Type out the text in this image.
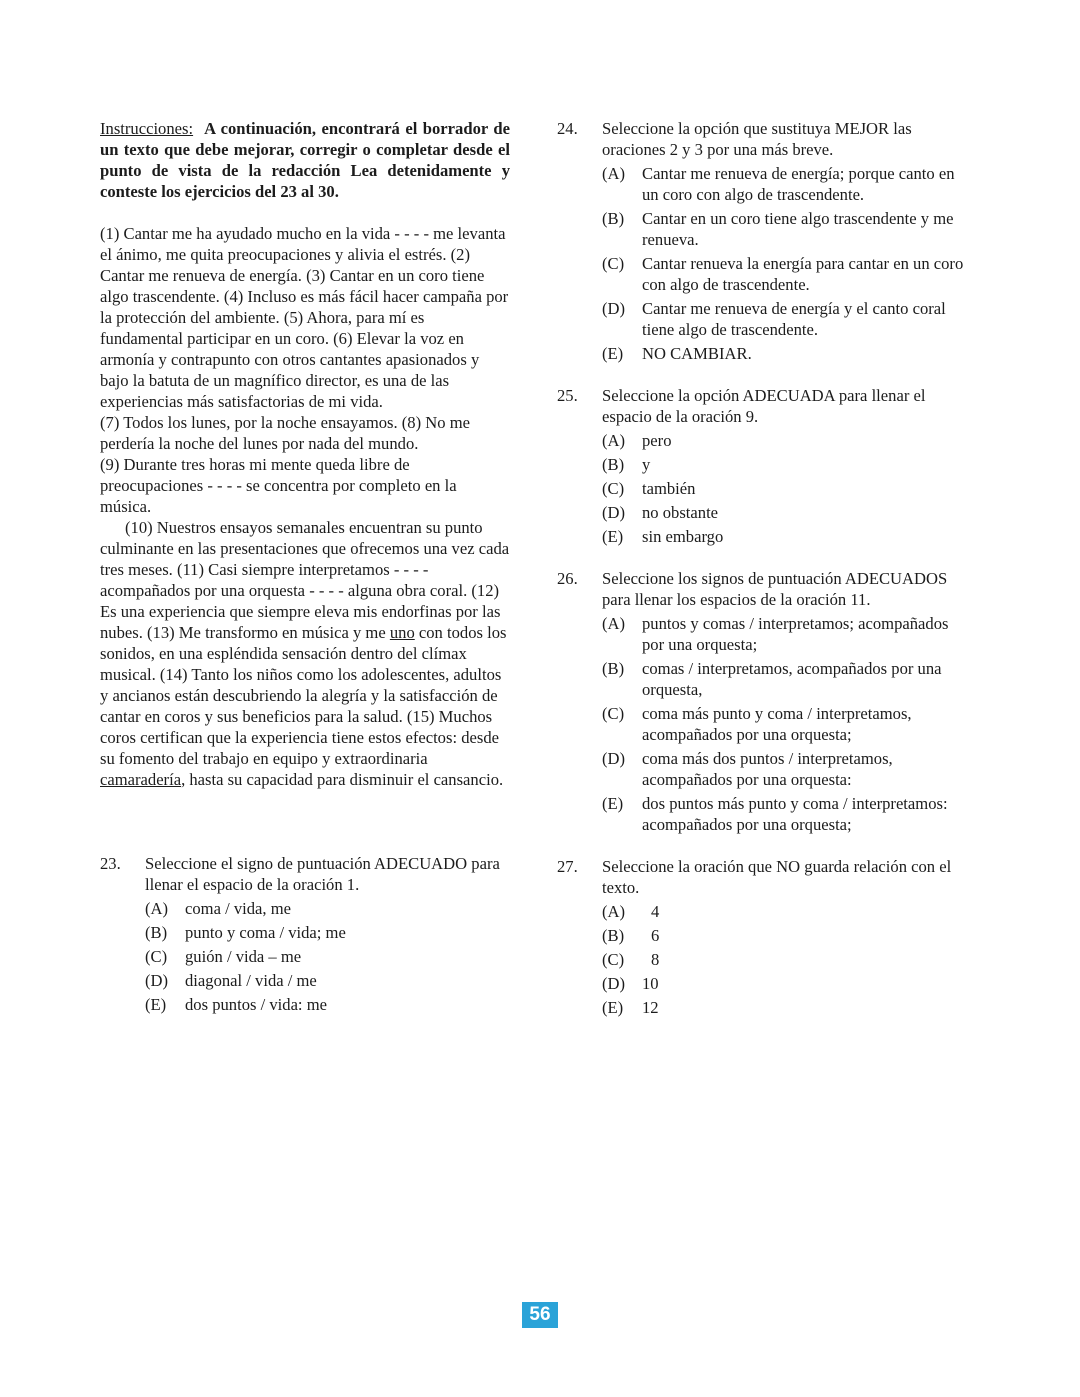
Instrucciones: A continuación, encontrará el borrador de un texto que debe mejorar, corregir o completar desde el punto de vista de la redacción Lea detenidamente y conteste los ejercicios del 23 al 30.

(1) Cantar me ha ayudado mucho en la vida - - - - me levanta el ánimo, me quita preocupaciones y alivia el estrés. (2) Cantar me renueva de energía. (3) Cantar en un coro tiene algo trascendente. (4) Incluso es más fácil hacer campaña por la protección del ambiente. (5) Ahora, para mí es fundamental participar en un coro. (6) Elevar la voz en armonía y contrapunto con otros cantantes apasionados y bajo la batuta de un magnífico director, es una de las experiencias más satisfactorias de mi vida.

(7) Todos los lunes, por la noche ensayamos. (8) No me perdería la noche del lunes por nada del mundo.

(9) Durante tres horas mi mente queda libre de preocupaciones - - - - se concentra por completo en la música.

(10) Nuestros ensayos semanales encuentran su punto culminante en las presentaciones que ofrecemos una vez cada tres meses. (11) Casi siempre interpretamos - - - - acompañados por una orquesta - - - - alguna obra coral. (12) Es una experiencia que siempre eleva mis endorfinas por las nubes. (13) Me transformo en música y me uno con todos los sonidos, en una espléndida sensación dentro del clímax musical. (14) Tanto los niños como los adolescentes, adultos y ancianos están descubriendo la alegría y la satisfacción de cantar en coros y sus beneficios para la salud. (15) Muchos coros certifican que la experiencia tiene estos efectos: desde su fomento del trabajo en equipo y extraordinaria camaradería, hasta su capacidad para disminuir el cansancio.

23.	Seleccione el signo de puntuación ADECUADO para llenar el espacio de la oración 1.
(A)	coma / vida, me
(B)	punto y coma / vida; me
(C)	guión / vida – me
(D)	diagonal / vida / me
(E)	dos puntos / vida: me
24.	Seleccione la opción que sustituya MEJOR las oraciones 2 y 3 por una más breve.
(A)	Cantar me renueva de energía; porque canto en un coro con algo de trascendente.
(B)	Cantar en un coro tiene algo trascendente y me renueva.
(C)	Cantar renueva la energía para cantar en un coro con algo de trascendente.
(D)	Cantar me renueva de energía y el canto coral tiene algo de trascendente.
(E)	NO CAMBIAR.
25.	Seleccione la opción ADECUADA para llenar el espacio de la oración 9.
(A)	pero
(B)	y
(C)	también
(D)	no obstante
(E)	sin embargo
26.	Seleccione los signos de puntuación ADECUADOS para llenar los espacios de la oración 11.
(A)	puntos y comas / interpretamos; acompañados por una orquesta;
(B)	comas / interpretamos, acompañados por una orquesta,
(C)	coma más punto y coma / interpretamos, acompañados por una orquesta;
(D)	coma más dos puntos / interpretamos, acompañados por una orquesta:
(E)	dos puntos más punto y coma / interpretamos: acompañados por una orquesta;
27.	Seleccione la oración que NO guarda relación con el texto.
(A)	4
(B)	6
(C)	8
(D)	10
(E)	12
56
